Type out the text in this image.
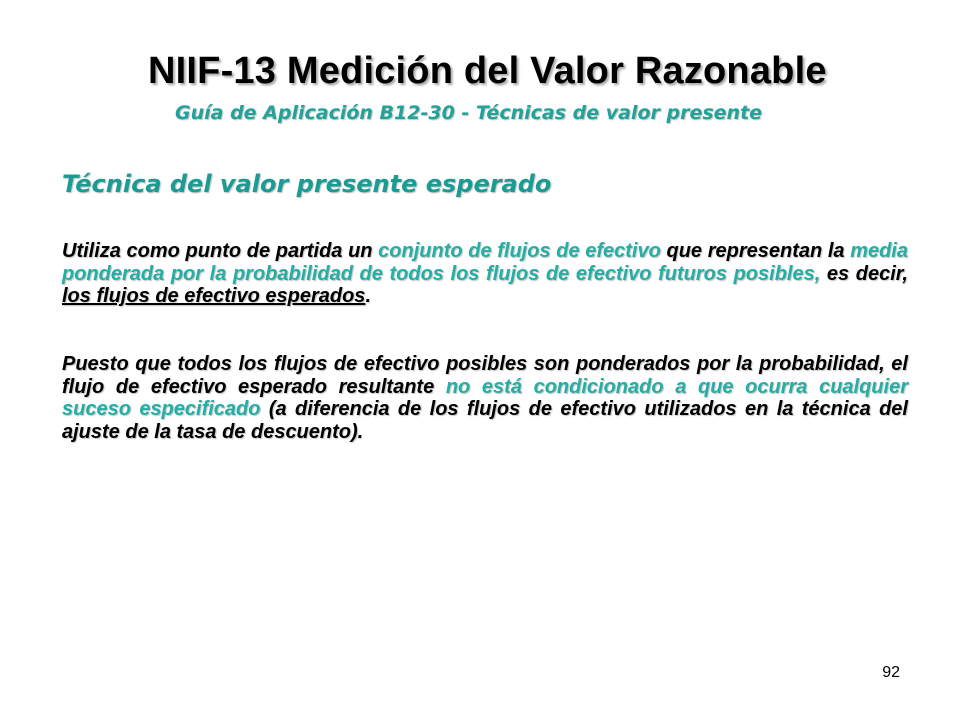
NIIF-13 Medición del Valor Razonable
Guía de Aplicación B12-30 - Técnicas de valor presente
Técnica del valor presente esperado
Utiliza como punto de partida un conjunto de flujos de efectivo que representan la media ponderada por la probabilidad de todos los flujos de efectivo futuros posibles, es decir, los flujos de efectivo esperados.
Puesto que todos los flujos de efectivo posibles son ponderados por la probabilidad, el flujo de efectivo esperado resultante no está condicionado a que ocurra cualquier suceso especificado (a diferencia de los flujos de efectivo utilizados en la técnica del ajuste de la tasa de descuento).
92
